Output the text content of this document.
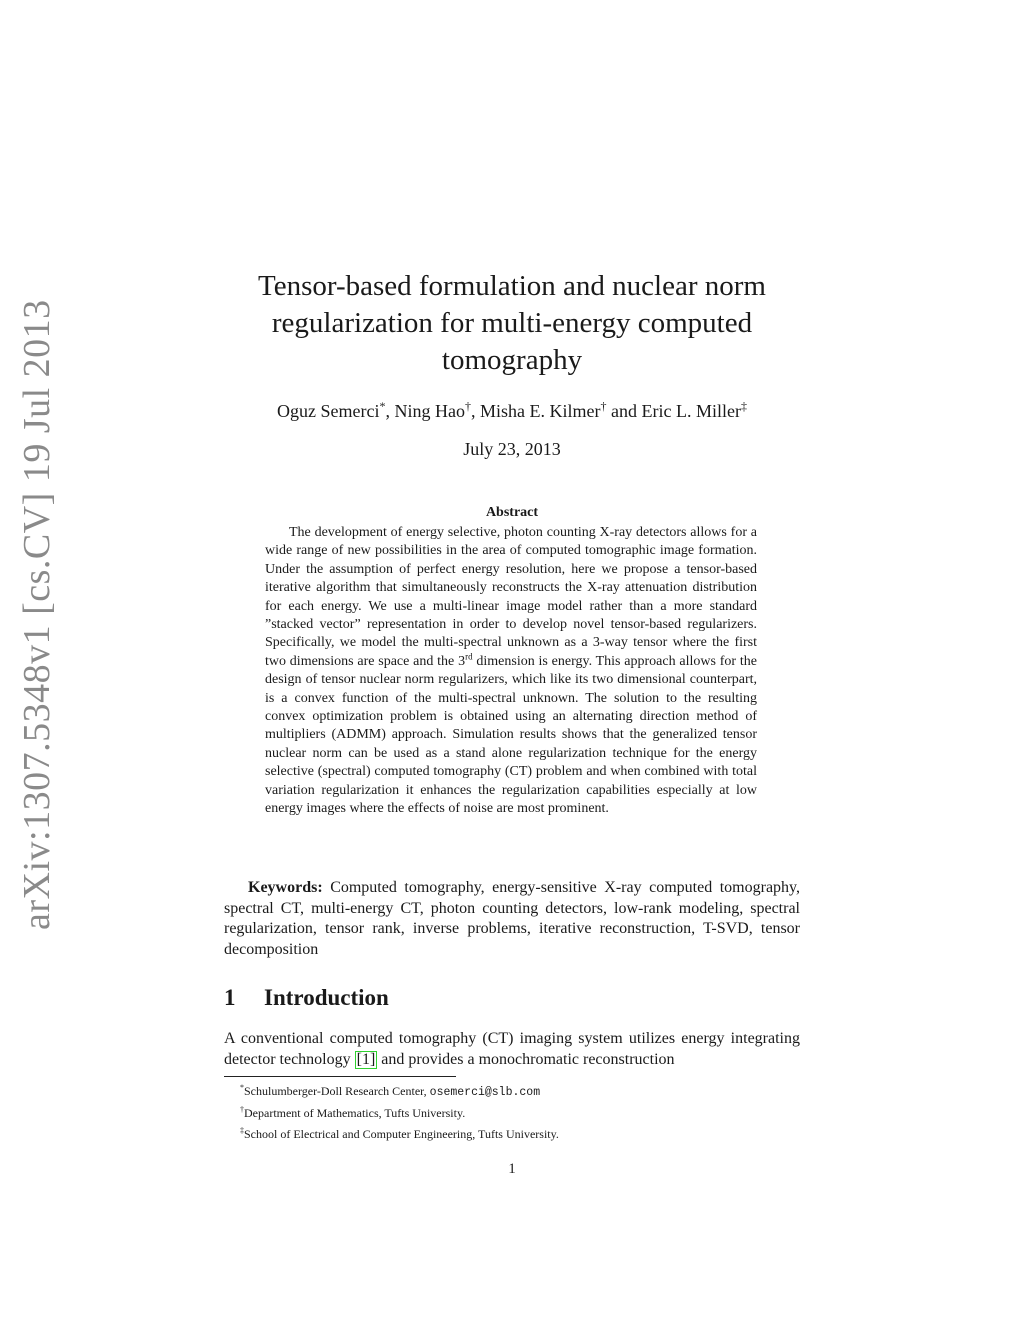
arXiv:1307.5348v1 [cs.CV] 19 Jul 2013
Tensor-based formulation and nuclear norm regularization for multi-energy computed tomography
Oguz Semerci*, Ning Hao†, Misha E. Kilmer† and Eric L. Miller‡
July 23, 2013
Abstract

The development of energy selective, photon counting X-ray detectors allows for a wide range of new possibilities in the area of computed tomographic image formation. Under the assumption of perfect energy resolution, here we propose a tensor-based iterative algorithm that simultaneously reconstructs the X-ray attenuation distribution for each energy. We use a multi-linear image model rather than a more standard ”stacked vector” representation in order to develop novel tensor-based regularizers. Specifically, we model the multi-spectral unknown as a 3-way tensor where the first two dimensions are space and the 3rd dimension is energy. This approach allows for the design of tensor nuclear norm regularizers, which like its two dimensional counterpart, is a convex function of the multi-spectral unknown. The solution to the resulting convex optimization problem is obtained using an alternating direction method of multipliers (ADMM) approach. Simulation results shows that the generalized tensor nuclear norm can be used as a stand alone regularization technique for the energy selective (spectral) computed tomography (CT) problem and when combined with total variation regularization it enhances the regularization capabilities especially at low energy images where the effects of noise are most prominent.

Keywords: Computed tomography, energy-sensitive X-ray computed tomography, spectral CT, multi-energy CT, photon counting detectors, low-rank modeling, spectral regularization, tensor rank, inverse problems, iterative reconstruction, T-SVD, tensor decomposition

1 Introduction

A conventional computed tomography (CT) imaging system utilizes energy integrating detector technology [1] and provides a monochromatic reconstruction

*Schulumberger-Doll Research Center, osemerci@slb.com

†Department of Mathematics, Tufts University.

‡School of Electrical and Computer Engineering, Tufts University.

1
